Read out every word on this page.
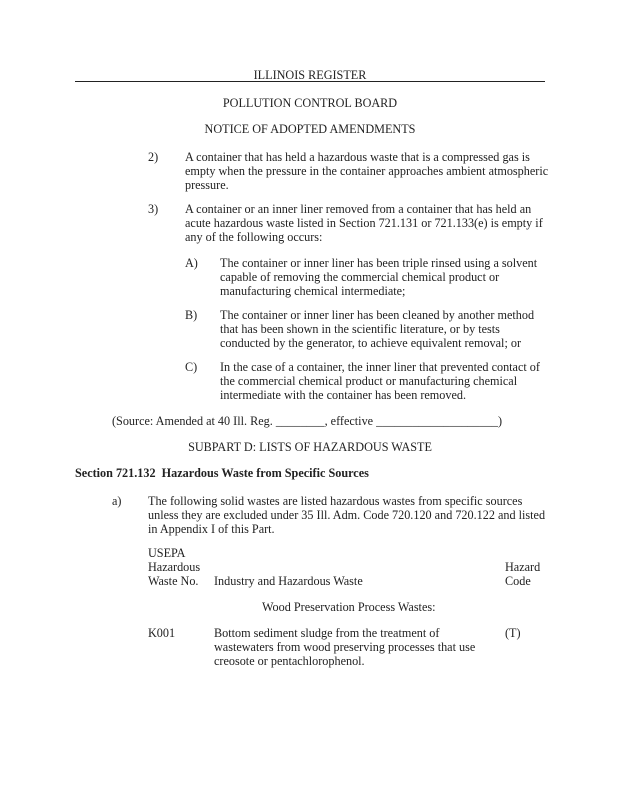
ILLINOIS REGISTER
POLLUTION CONTROL BOARD
NOTICE OF ADOPTED AMENDMENTS
2) A container that has held a hazardous waste that is a compressed gas is
empty when the pressure in the container approaches ambient atmospheric
pressure.
3) A container or an inner liner removed from a container that has held an
acute hazardous waste listed in Section 721.131 or 721.133(e) is empty if
any of the following occurs:
A) The container or inner liner has been triple rinsed using a solvent
capable of removing the commercial chemical product or
manufacturing chemical intermediate;
B) The container or inner liner has been cleaned by another method
that has been shown in the scientific literature, or by tests
conducted by the generator, to achieve equivalent removal; or
C) In the case of a container, the inner liner that prevented contact of
the commercial chemical product or manufacturing chemical
intermediate with the container has been removed.
(Source: Amended at 40 Ill. Reg. ________, effective ____________________)
SUBPART D: LISTS OF HAZARDOUS WASTE
Section 721.132 Hazardous Waste from Specific Sources
a) The following solid wastes are listed hazardous wastes from specific sources
unless they are excluded under 35 Ill. Adm. Code 720.120 and 720.122 and listed
in Appendix I of this Part.
USEPA
Hazardous
Waste No. Industry and Hazardous Waste
Hazard
Code
Wood Preservation Process Wastes:
K001	Bottom sediment sludge from the treatment of
wastewaters from wood preserving processes that use
creosote or pentachlorophenol.
(T)
